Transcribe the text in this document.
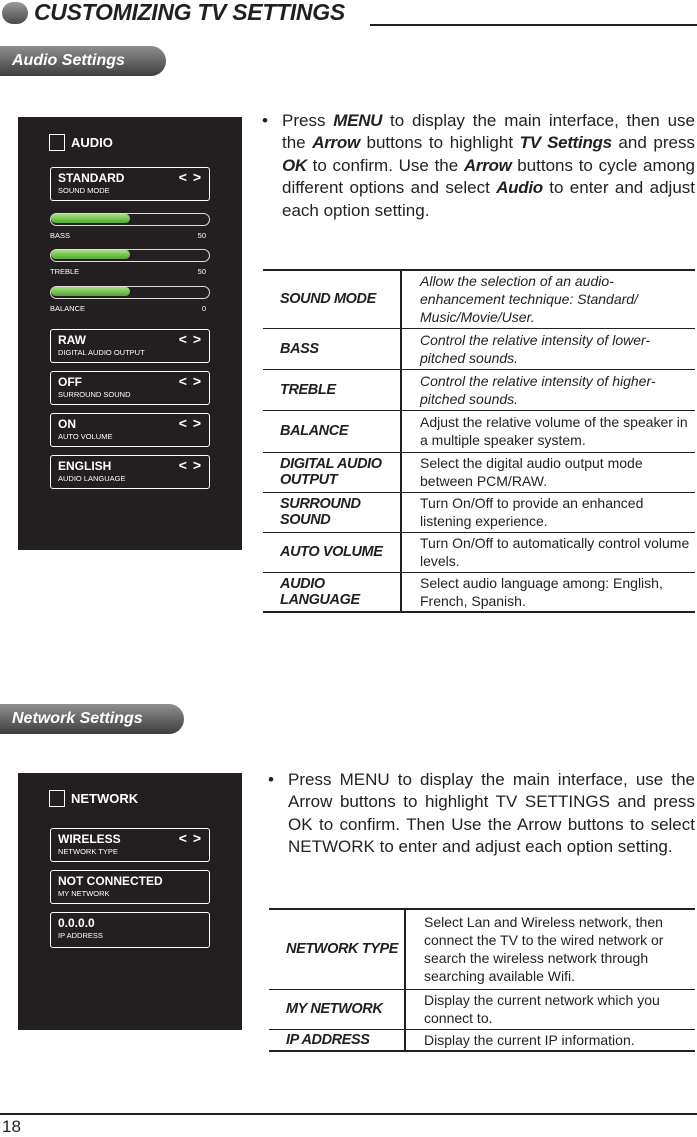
CUSTOMIZING TV SETTINGS
Audio Settings
AUDIO
STANDARD
SOUND MODE
< >
BASS	50
TREBLE	50
BALANCE	0
RAW
DIGITAL AUDIO OUTPUT
< >
OFF
SURROUND SOUND
< >
ON
AUTO VOLUME
< >
ENGLISH
AUDIO LANGUAGE
< >
• Press MENU to display the main interface, then use the Arrow buttons to highlight TV Settings and press OK to confirm. Use the Arrow buttons to cycle among different options and select Audio to enter and adjust each option setting.
SOUND MODE	Allow the selection of an audio-enhancement technique: Standard/ Music/Movie/User.
BASS	Control the relative intensity of lower-pitched sounds.
TREBLE	Control the relative intensity of higher-pitched sounds.
BALANCE	Adjust the relative volume of the speaker in a multiple speaker system.
DIGITAL AUDIO OUTPUT	Select the digital audio output mode between PCM/RAW.
SURROUND SOUND	Turn On/Off to provide an enhanced listening experience.
AUTO VOLUME	Turn On/Off to automatically control volume levels.
AUDIO LANGUAGE	Select audio language among: English, French, Spanish.
Network Settings
NETWORK
WIRELESS
NETWORK TYPE
< >
NOT CONNECTED
MY NETWORK
0.0.0.0
IP ADDRESS
• Press MENU to display the main interface, use the Arrow buttons to highlight TV SETTINGS and press OK to confirm. Then Use the Arrow buttons to select NETWORK to enter and adjust each option setting.
NETWORK TYPE	Select Lan and Wireless network, then connect the TV to the wired network or search the wireless network through searching available Wifi.
MY NETWORK	Display the current network which you connect to.
IP ADDRESS	Display the current IP information.
18
